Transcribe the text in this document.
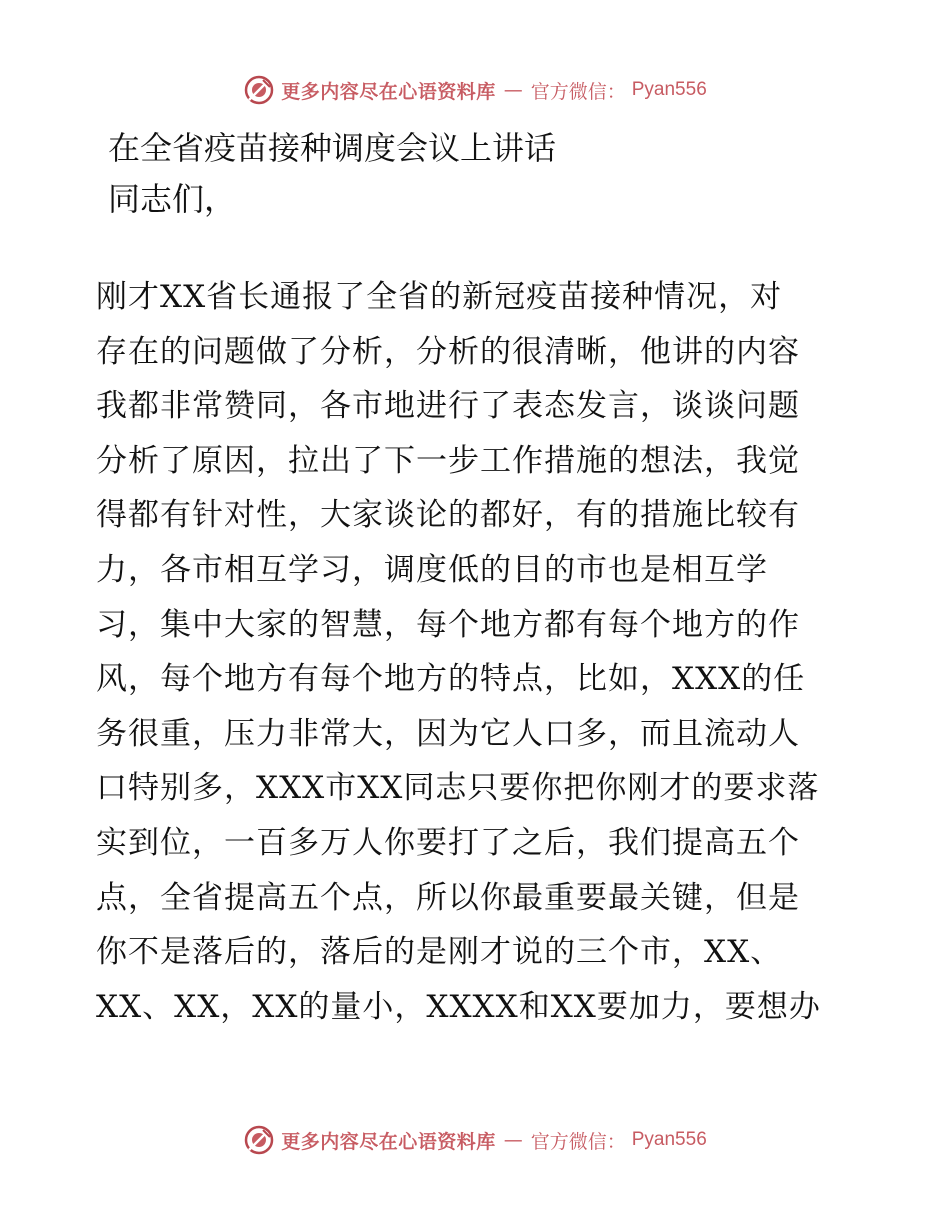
更多内容尽在心语资料库 — 官方微信： Pyan556
在全省疫苗接种调度会议上讲话

同志们，

刚才XX省长通报了全省的新冠疫苗接种情况，对
存在的问题做了分析，分析的很清晰，他讲的内容
我都非常赞同，各市地进行了表态发言，谈谈问题
分析了原因，拉出了下一步工作措施的想法，我觉
得都有针对性，大家谈论的都好，有的措施比较有
力，各市相互学习，调度低的目的市也是相互学
习，集中大家的智慧，每个地方都有每个地方的作
风，每个地方有每个地方的特点，比如，XXX的任
务很重，压力非常大，因为它人口多，而且流动人
口特别多，XXX市XX同志只要你把你刚才的要求落
实到位，一百多万人你要打了之后，我们提高五个
点，全省提高五个点，所以你最重要最关键，但是
你不是落后的，落后的是刚才说的三个市，XX、
XX、XX，XX的量小，XXXX和XX要加力，要想办
更多内容尽在心语资料库 — 官方微信： Pyan556
